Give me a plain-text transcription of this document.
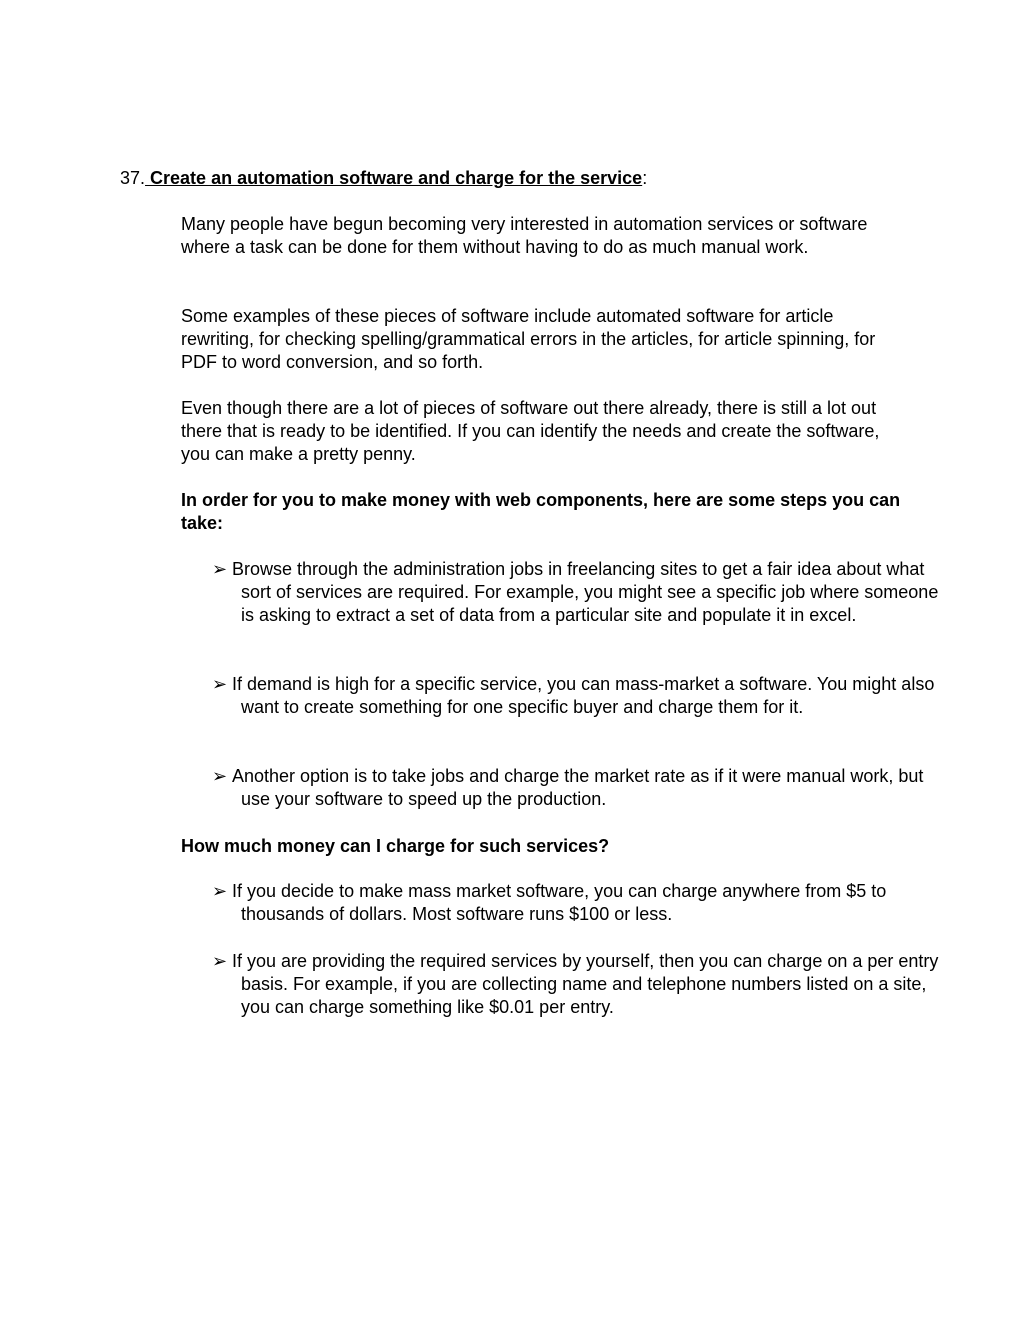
37. Create an automation software and charge for the service:

Many people have begun becoming very interested in automation services or software where a task can be done for them without having to do as much manual work.

Some examples of these pieces of software include automated software for article rewriting, for checking spelling/grammatical errors in the articles, for article spinning, for PDF to word conversion, and so forth.

Even though there are a lot of pieces of software out there already, there is still a lot out there that is ready to be identified. If you can identify the needs and create the software, you can make a pretty penny.

In order for you to make money with web components, here are some steps you can take:

➢ Browse through the administration jobs in freelancing sites to get a fair idea about what sort of services are required. For example, you might see a specific job where someone is asking to extract a set of data from a particular site and populate it in excel.

➢ If demand is high for a specific service, you can mass-market a software. You might also want to create something for one specific buyer and charge them for it.

➢ Another option is to take jobs and charge the market rate as if it were manual work, but use your software to speed up the production.

How much money can I charge for such services?

➢ If you decide to make mass market software, you can charge anywhere from $5 to thousands of dollars. Most software runs $100 or less.

➢ If you are providing the required services by yourself, then you can charge on a per entry basis. For example, if you are collecting name and telephone numbers listed on a site, you can charge something like $0.01 per entry.
